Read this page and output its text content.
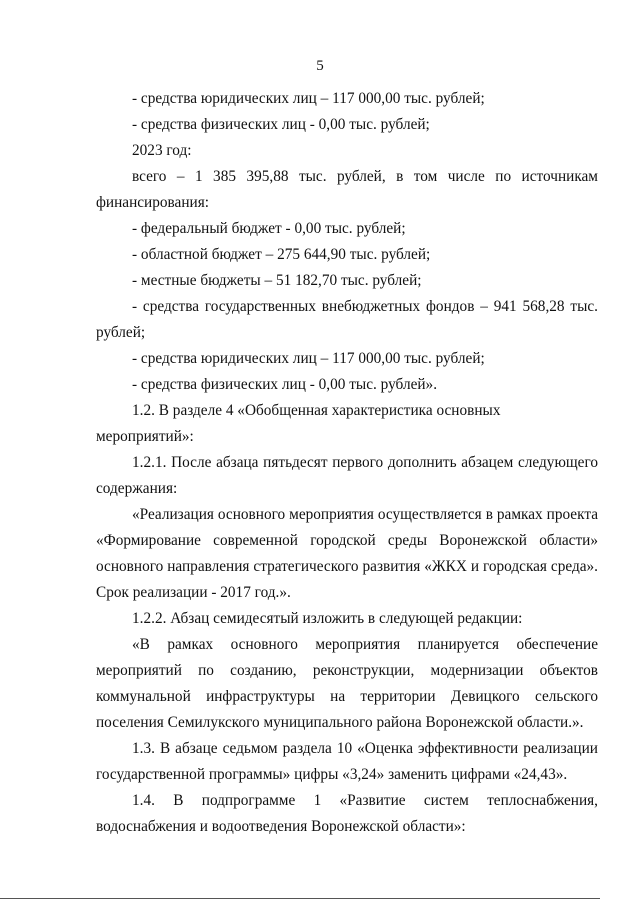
5

- средства юридических лиц – 117 000,00 тыс. рублей;

- средства физических лиц - 0,00 тыс. рублей;

2023 год:

всего – 1 385 395,88 тыс. рублей, в том числе по источникам финансирования:

- федеральный бюджет - 0,00 тыс. рублей;

- областной бюджет – 275 644,90 тыс. рублей;

- местные бюджеты – 51 182,70 тыс. рублей;

- средства государственных внебюджетных фондов – 941 568,28 тыс. рублей;

- средства юридических лиц – 117 000,00 тыс. рублей;

- средства физических лиц - 0,00 тыс. рублей».

1.2. В разделе 4 «Обобщенная характеристика основных мероприятий»:

1.2.1. После абзаца пятьдесят первого дополнить абзацем следующего содержания:

«Реализация основного мероприятия осуществляется в рамках проекта «Формирование современной городской среды Воронежской области» основного направления стратегического развития «ЖКХ и городская среда». Срок реализации - 2017 год.».

1.2.2. Абзац семидесятый изложить в следующей редакции:

«В рамках основного мероприятия планируется обеспечение мероприятий по созданию, реконструкции, модернизации объектов коммунальной инфраструктуры на территории Девицкого сельского поселения Семилукского муниципального района Воронежской области.».

1.3. В абзаце седьмом раздела 10 «Оценка эффективности реализации государственной программы» цифры «3,24» заменить цифрами «24,43».

1.4. В подпрограмме 1 «Развитие систем теплоснабжения, водоснабжения и водоотведения Воронежской области»:
